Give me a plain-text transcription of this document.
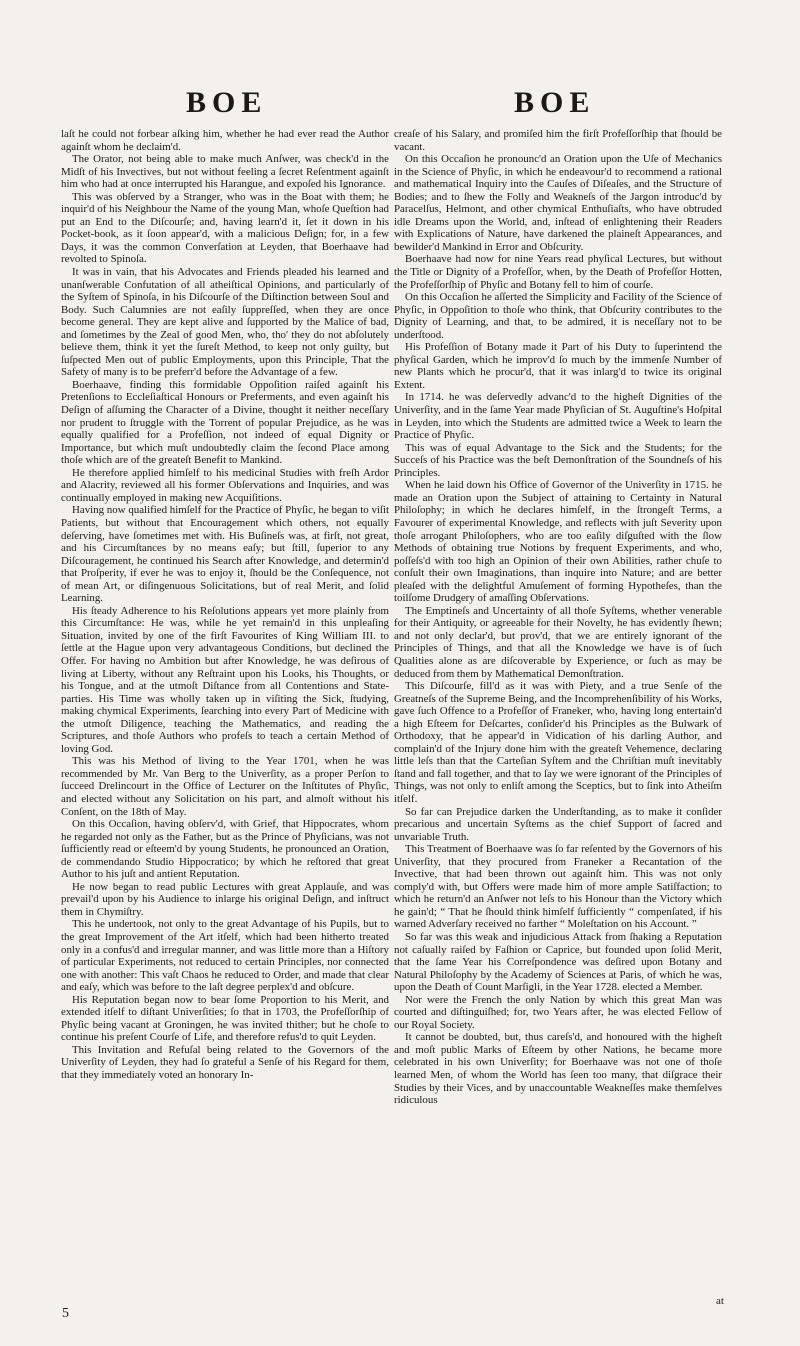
BOE	BOE

laſt he could not forbear aſking him, whether he had ever read the Author againſt whom he declaim'd.

The Orator, not being able to make much Anſwer, was check'd in the Midſt of his Invectives, but not without feeling a ſecret Reſentment againſt him who had at once interrupted his Harangue, and expoſed his Ignorance.

This was obſerved by a Stranger, who was in the Boat with them; he inquir'd of his Neighbour the Name of the young Man, whoſe Queſtion had put an End to the Diſcourſe; and, having learn'd it, ſet it down in his Pocket-book, as it ſoon appear'd, with a malicious Deſign; for, in a few Days, it was the common Converſation at Leyden, that Boerhaave had revolted to Spinoſa.

It was in vain, that his Advocates and Friends pleaded his learned and unanſwerable Confutation of all atheiſtical Opinions, and particularly of the Syſtem of Spinoſa, in his Diſcourſe of the Diſtinction between Soul and Body. Such Calumnies are not eaſily ſuppreſſed, when they are once become general. They are kept alive and ſupported by the Malice of bad, and ſometimes by the Zeal of good Men, who, tho' they do not abſolutely believe them, think it yet the ſureſt Method, to keep not only guilty, but ſuſpected Men out of public Employments, upon this Principle, That the Safety of many is to be preferr'd before the Advantage of a few.

Boerhaave, finding this formidable Oppoſition raiſed againſt his Pretenſions to Eccleſiaſtical Honours or Preferments, and even againſt his Deſign of aſſuming the Character of a Divine, thought it neither neceſſary nor prudent to ſtruggle with the Torrent of popular Prejudice, as he was equally qualified for a Profeſſion, not indeed of equal Dignity or Importance, but which muſt undoubtedly claim the ſecond Place among thoſe which are of the greateſt Benefit to Mankind.

He therefore applied himſelf to his medicinal Studies with freſh Ardor and Alacrity, reviewed all his former Obſervations and Inquiries, and was continually employed in making new Acquiſitions.

Having now qualified himſelf for the Practice of Phyſic, he began to viſit Patients, but without that Encouragement which others, not equally deſerving, have ſometimes met with. His Buſineſs was, at firſt, not great, and his Circumſtances by no means eaſy; but ſtill, ſuperior to any Diſcouragement, he continued his Search after Knowledge, and determin'd that Proſperity, if ever he was to enjoy it, ſhould be the Conſequence, not of mean Art, or diſingenuous Solicitations, but of real Merit, and ſolid Learning.

His ſteady Adherence to his Reſolutions appears yet more plainly from this Circumſtance: He was, while he yet remain'd in this unpleaſing Situation, invited by one of the firſt Favourites of King William III. to ſettle at the Hague upon very advantageous Conditions, but declined the Offer. For having no Ambition but after Knowledge, he was deſirous of living at Liberty, without any Reſtraint upon his Looks, his Thoughts, or his Tongue, and at the utmoſt Diſtance from all Contentions and State-parties. His Time was wholly taken up in viſiting the Sick, ſtudying, making chymical Experiments, ſearching into every Part of Medicine with the utmoſt Diligence, teaching the Mathematics, and reading the Scriptures, and thoſe Authors who profeſs to teach a certain Method of loving God.

This was his Method of living to the Year 1701, when he was recommended by Mr. Van Berg to the Univerſity, as a proper Perſon to ſucceed Drelincourt in the Office of Lecturer on the Inſtitutes of Phyſic, and elected without any Solicitation on his part, and almoſt without his Conſent, on the 18th of May.

On this Occaſion, having obſerv'd, with Grief, that Hippocrates, whom he regarded not only as the Father, but as the Prince of Phyſicians, was not ſufficiently read or eſteem'd by young Students, he pronounced an Oration, de commendando Studio Hippocratico; by which he reſtored that great Author to his juſt and antient Reputation.

He now began to read public Lectures with great Applauſe, and was prevail'd upon by his Audience to inlarge his original Deſign, and inſtruct them in Chymiſtry.

This he undertook, not only to the great Advantage of his Pupils, but to the great Improvement of the Art itſelf, which had been hitherto treated only in a confus'd and irregular manner, and was little more than a Hiſtory of particular Experiments, not reduced to certain Principles, nor connected one with another: This vaſt Chaos he reduced to Order, and made that clear and eaſy, which was before to the laſt degree perplex'd and obſcure.

His Reputation began now to bear ſome Proportion to his Merit, and extended itſelf to diſtant Univerſities; ſo that in 1703, the Profeſſorſhip of Phyſic being vacant at Groningen, he was invited thither; but he choſe to continue his preſent Courſe of Life, and therefore refus'd to quit Leyden.

This Invitation and Refuſal being related to the Governors of the Univerſity of Leyden, they had ſo grateful a Senſe of his Regard for them, that they immediately voted an honorary In-

creaſe of his Salary, and promiſed him the firſt Profeſſorſhip that ſhould be vacant.

On this Occaſion he pronounc'd an Oration upon the Uſe of Mechanics in the Science of Phyſic, in which he endeavour'd to recommend a rational and mathematical Inquiry into the Cauſes of Diſeaſes, and the Structure of Bodies; and to ſhew the Folly and Weakneſs of the Jargon introduc'd by Paracelſus, Helmont, and other chymical Enthuſiaſts, who have obtruded idle Dreams upon the World, and, inſtead of enlightening their Readers with Explications of Nature, have darkened the plaineſt Appearances, and bewilder'd Mankind in Error and Obſcurity.

Boerhaave had now for nine Years read phyſical Lectures, but without the Title or Dignity of a Profeſſor, when, by the Death of Profeſſor Hotten, the Profeſſorſhip of Phyſic and Botany fell to him of courſe.

On this Occaſion he aſſerted the Simplicity and Facility of the Science of Phyſic, in Oppoſition to thoſe who think, that Obſcurity contributes to the Dignity of Learning, and that, to be admired, it is neceſſary not to be underſtood.

His Profeſſion of Botany made it Part of his Duty to ſuperintend the phyſical Garden, which he improv'd ſo much by the immenſe Number of new Plants which he procur'd, that it was inlarg'd to twice its original Extent.

In 1714. he was deſervedly advanc'd to the higheſt Dignities of the Univerſity, and in the ſame Year made Phyſician of St. Auguſtine's Hoſpital in Leyden, into which the Students are admitted twice a Week to learn the Practice of Phyſic.

This was of equal Advantage to the Sick and the Students; for the Succeſs of his Practice was the beſt Demonſtration of the Soundneſs of his Principles.

When he laid down his Office of Governor of the Univerſity in 1715. he made an Oration upon the Subject of attaining to Certainty in Natural Philoſophy; in which he declares himſelf, in the ſtrongeſt Terms, a Favourer of experimental Knowledge, and reflects with juſt Severity upon thoſe arrogant Philoſophers, who are too eaſily diſguſted with the ſlow Methods of obtaining true Notions by frequent Experiments, and who, poſſeſs'd with too high an Opinion of their own Abilities, rather chuſe to conſult their own Imaginations, than inquire into Nature; and are better pleaſed with the delightful Amuſement of forming Hypotheſes, than the toilſome Drudgery of amaſſing Obſervations.

The Emptineſs and Uncertainty of all thoſe Syſtems, whether venerable for their Antiquity, or agreeable for their Novelty, he has evidently ſhewn; and not only declar'd, but prov'd, that we are entirely ignorant of the Principles of Things, and that all the Knowledge we have is of ſuch Qualities alone as are diſcoverable by Experience, or ſuch as may be deduced from them by Mathematical Demonſtration.

This Diſcourſe, fill'd as it was with Piety, and a true Senſe of the Greatneſs of the Supreme Being, and the Incomprehenſibility of his Works, gave ſuch Offence to a Profeſſor of Franeker, who, having long entertain'd a high Eſteem for Deſcartes, conſider'd his Principles as the Bulwark of Orthodoxy, that he appear'd in Vidication of his darling Author, and complain'd of the Injury done him with the greateſt Vehemence, declaring little leſs than that the Carteſian Syſtem and the Chriſtian muſt inevitably ſtand and fall together, and that to ſay we were ignorant of the Principles of Things, was not only to enliſt among the Sceptics, but to ſink into Atheiſm itſelf.

So far can Prejudice darken the Underſtanding, as to make it conſider precarious and uncertain Syſtems as the chief Support of ſacred and unvariable Truth.

This Treatment of Boerhaave was ſo far reſented by the Governors of his Univerſity, that they procured from Franeker a Recantation of the Invective, that had been thrown out againſt him. This was not only comply'd with, but Offers were made him of more ample Satiſfaction; to which he return'd an Anſwer not leſs to his Honour than the Victory which he gain'd; “ That he ſhould think himſelf ſufficiently “ compenſated, if his warned Adverſary received no farther “ Moleſtation on his Account. ”

So far was this weak and injudicious Attack from ſhaking a Reputation not caſually raiſed by Faſhion or Caprice, but founded upon ſolid Merit, that the ſame Year his Correſpondence was deſired upon Botany and Natural Philoſophy by the Academy of Sciences at Paris, of which he was, upon the Death of Count Marſigli, in the Year 1728. elected a Member.

Nor were the French the only Nation by which this great Man was courted and diſtinguiſhed; for, two Years after, he was elected Fellow of our Royal Society.

It cannot be doubted, but, thus careſs'd, and honoured with the higheſt and moſt public Marks of Eſteem by other Nations, he became more celebrated in his own Univerſity; for Boerhaave was not one of thoſe learned Men, of whom the World has ſeen too many, that diſgrace their Studies by their Vices, and by unaccountable Weakneſſes make themſelves ridiculous

5
at
